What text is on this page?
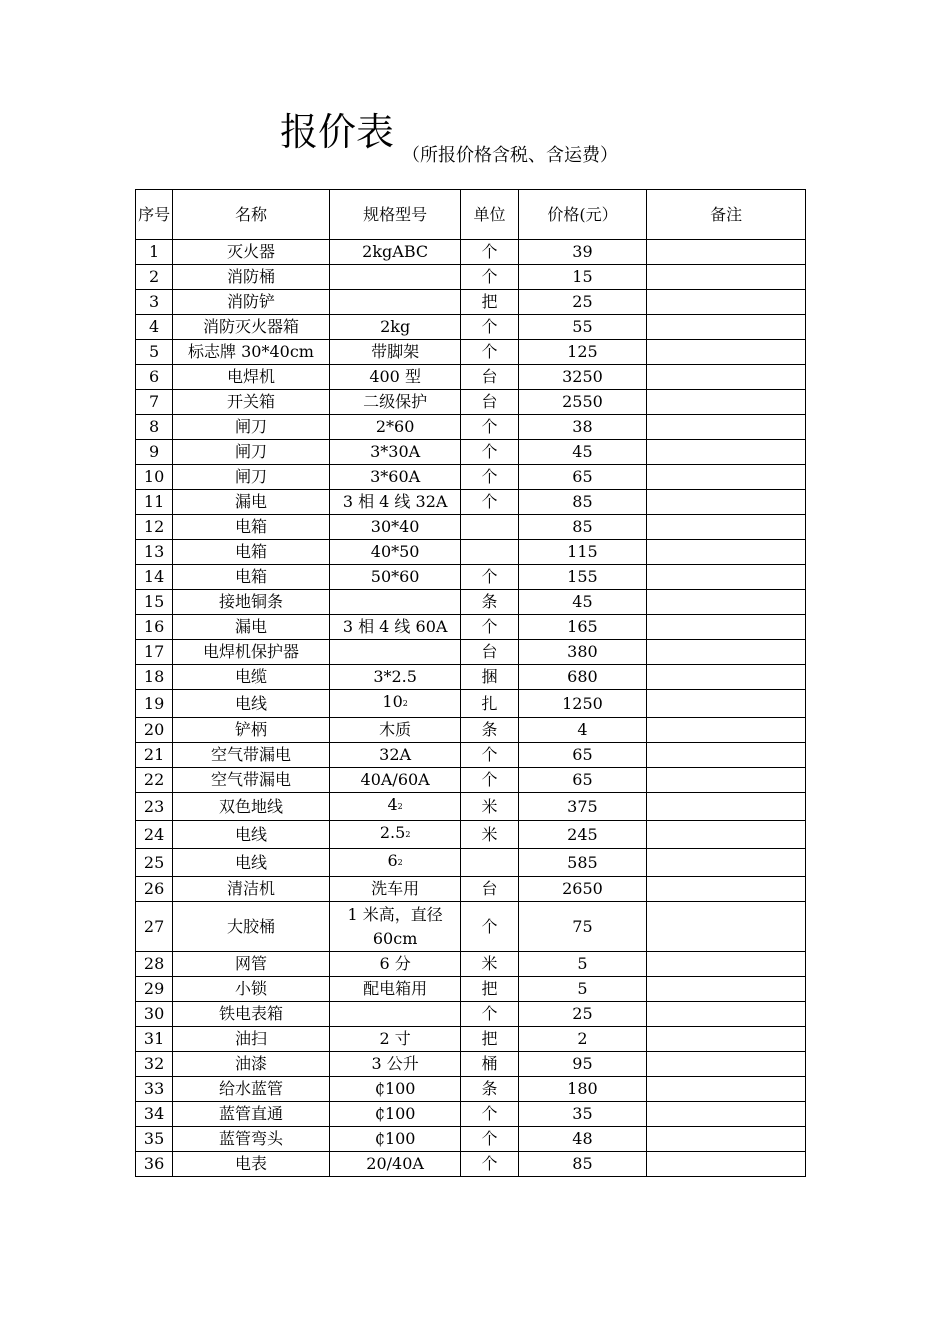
报价表
（所报价格含税、含运费）
序号	名称	规格型号	单位	价格(元）	备注
1	灭火器	2kgABC	个	39	
2	消防桶		个	15	
3	消防铲		把	25	
4	消防灭火器箱	2kg	个	55	
5	标志牌 30*40cm	带脚架	个	125	
6	电焊机	400 型	台	3250	
7	开关箱	二级保护	台	2550	
8	闸刀	2*60	个	38	
9	闸刀	3*30A	个	45	
10	闸刀	3*60A	个	65	
11	漏电	3 相 4 线 32A	个	85	
12	电箱	30*40		85	
13	电箱	40*50		115	
14	电箱	50*60	个	155	
15	接地铜条		条	45	
16	漏电	3 相 4 线 60A	个	165	
17	电焊机保护器		台	380	
18	电缆	3*2.5	捆	680	
19	电线	$10_2$	扎	1250	
20	铲柄	木质	条	4	
21	空气带漏电	32A	个	65	
22	空气带漏电	40A/60A	个	65	
23	双色地线	$4_2$	米	375	
24	电线	$2.5_2$	米	245	
25	电线	$6_2$		585	
26	清洁机	洗车用	台	2650	
27	大胶桶	1 米高，直径 60cm	个	75	
28	网管	6 分	米	5	
29	小锁	配电箱用	把	5	
30	铁电表箱		个	25	
31	油扫	2 寸	把	2	
32	油漆	3 公升	桶	95	
33	给水蓝管	₵100	条	180	
34	蓝管直通	₵100	个	35	
35	蓝管弯头	₵100	个	48	
36	电表	20/40A	个	85	
